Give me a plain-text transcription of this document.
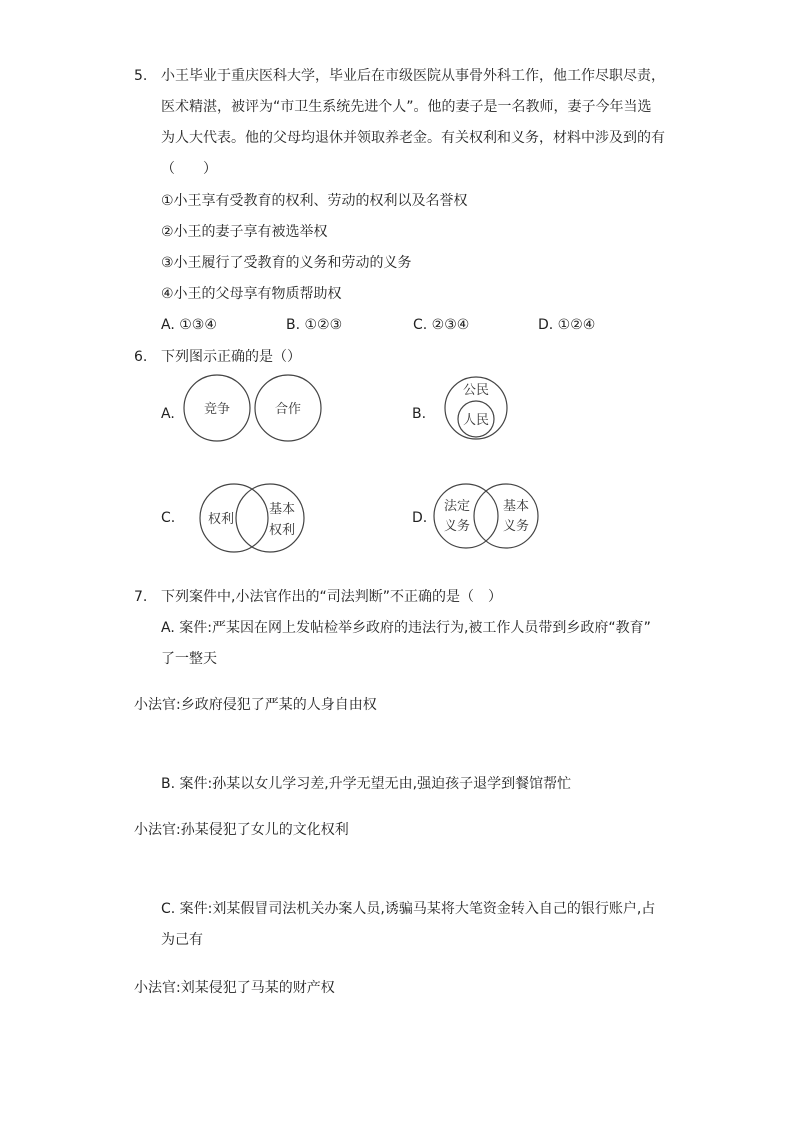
5. 小王毕业于重庆医科大学，毕业后在市级医院从事骨外科工作，他工作尽职尽责，
医术精湛，被评为“市卫生系统先进个人”。他的妻子是一名教师，妻子今年当选
为人大代表。他的父母均退休并领取养老金。有关权利和义务，材料中涉及到的有
（　　）
①小王享有受教育的权利、劳动的权利以及名誉权
②小王的妻子享有被选举权
③小王履行了受教育的义务和劳动的义务
④小王的父母享有物质帮助权
A. ①③④	B. ①②③	C. ②③④	D. ①②④
6. 下列图示正确的是（）
A. 竞争	合作	B.
公民
人民
C.	权利
基本
权利
D.
法定
义务
基本
义务
7. 下列案件中,小法官作出的“司法判断”不正确的是（　）
A. 案件:严某因在网上发帖检举乡政府的违法行为,被工作人员带到乡政府“教育”
了一整天
小法官:乡政府侵犯了严某的人身自由权
B. 案件:孙某以女儿学习差,升学无望无由,强迫孩子退学到餐馆帮忙
小法官:孙某侵犯了女儿的文化权利
C. 案件:刘某假冒司法机关办案人员,诱骗马某将大笔资金转入自己的银行账户,占
为己有
小法官:刘某侵犯了马某的财产权
